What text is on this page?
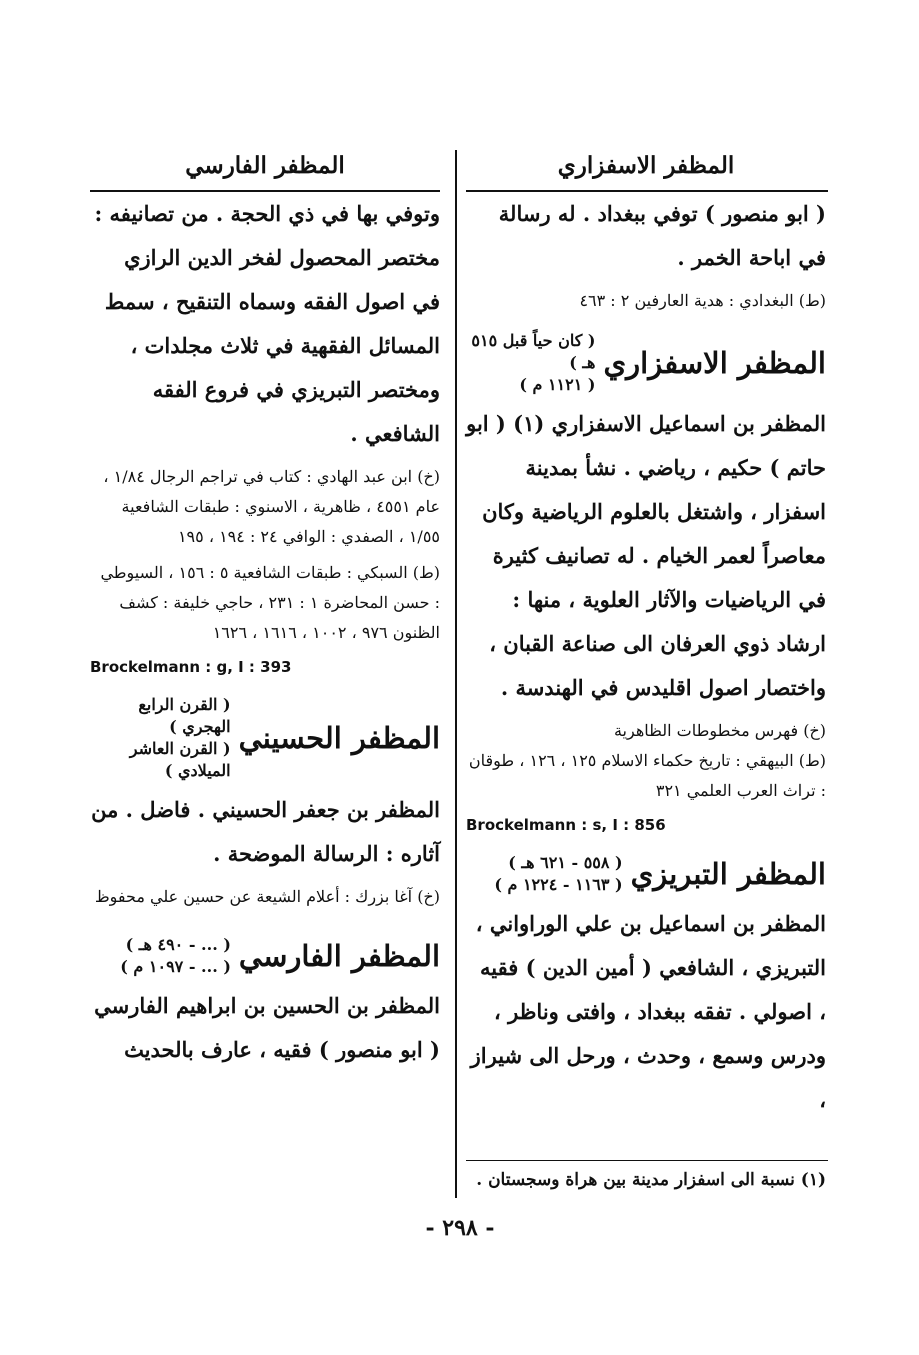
المظفر الاسفزاري

( ابو منصور ) توفي ببغداد . له رسالة في اباحة الخمر .

(ط) البغدادي : هدية العارفين ٢ : ٤٦٣

المظفر الاسفزاري
( كان حياً قبل ٥١٥ هـ )
( ١١٢١ م )

المظفر بن اسماعيل الاسفزاري (١) ( ابو حاتم ) حكيم ، رياضي . نشأ بمدينة اسفزار ، واشتغل بالعلوم الرياضية وكان معاصراً لعمر الخيام . له تصانيف كثيرة في الرياضيات والآثار العلوية ، منها : ارشاد ذوي العرفان الى صناعة القبان ، واختصار اصول اقليدس في الهندسة .

(خ) فهرس مخطوطات الظاهرية

(ط) البيهقي : تاريخ حكماء الاسلام ١٢٥ ، ١٢٦ ، طوقان : تراث العرب العلمي ٣٢١

Brockelmann : s, I : 856

المظفر التبريزي
( ٥٥٨ - ٦٢١ هـ )
( ١١٦٣ - ١٢٢٤ م )

المظفر بن اسماعيل بن علي الوراواني ، التبريزي ، الشافعي ( أمين الدين ) فقيه ، اصولي . تفقه ببغداد ، وافتى وناظر ، ودرس وسمع ، وحدث ، ورحل الى شيراز ،

المظفر الفارسي

وتوفي بها في ذي الحجة . من تصانيفه : مختصر المحصول لفخر الدين الرازي في اصول الفقه وسماه التنقيح ، سمط المسائل الفقهية في ثلاث مجلدات ، ومختصر التبريزي في فروع الفقه الشافعي .

(خ) ابن عبد الهادي : كتاب في تراجم الرجال ١/٨٤ ، عام ٤٥٥١ ، ظاهرية ، الاسنوي : طبقات الشافعية ١/٥٥ ، الصفدي : الوافي ٢٤ : ١٩٤ ، ١٩٥

(ط) السبكي : طبقات الشافعية ٥ : ١٥٦ ، السيوطي : حسن المحاضرة ١ : ٢٣١ ، حاجي خليفة : كشف الظنون ٩٧٦ ، ١٠٠٢ ، ١٦١٦ ، ١٦٢٦

Brockelmann : g, I : 393

المظفر الحسيني
( القرن الرابع الهجري )
( القرن العاشر الميلادي )

المظفر بن جعفر الحسيني . فاضل . من آثاره : الرسالة الموضحة .

(خ) آغا بزرك : أعلام الشيعة عن حسين علي محفوظ

المظفر الفارسي
( ... - ٤٩٠ هـ )
( ... - ١٠٩٧ م )

المظفر بن الحسين بن ابراهيم الفارسي ( ابو منصور ) فقيه ، عارف بالحديث

(١) نسبة الى اسفزار مدينة بين هراة وسجستان .
- ٢٩٨ -
